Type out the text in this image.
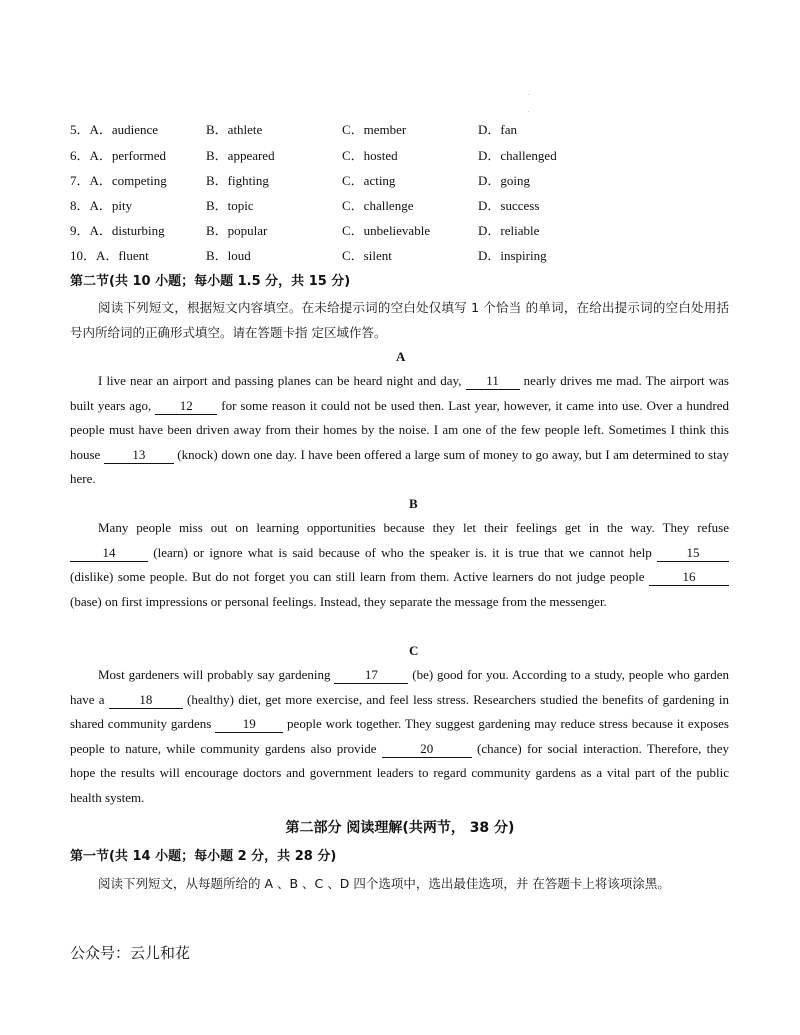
.
.
5．A．audience	B．athlete	C．member	D．fan
6．A．performed	B．appeared	C．hosted	D．challenged
7．A．competing	B．fighting	C．acting	D．going
8．A．pity	B．topic	C．challenge	D．success
9．A．disturbing	B．popular	C．unbelievable	D．reliable
10．A．fluent	B．loud	C．silent	D．inspiring
第二节(共 10 小题；每小题 1.5 分，共 15 分)
阅读下列短文，根据短文内容填空。在未给提示词的空白处仅填写 1 个恰当 的单词，在给出提示词的空白处用括号内所给词的正确形式填空。请在答题卡指 定区域作答。
A
I live near an airport and passing planes can be heard night and day, 11 nearly drives me mad. The airport was built years ago, 12 for some reason it could not be used then. Last year, however, it came into use. Over a hundred people must have been driven away from their homes by the noise. I am one of the few people left. Sometimes I think this house 13 (knock) down one day. I have been offered a large sum of money to go away, but I am determined to stay here.
B
Many people miss out on learning opportunities because they let their feelings get in the way. They refuse 14	(learn) or ignore what is said because of who the speaker is. it is true that we cannot help 15 (dislike) some people. But do not forget you can still learn from them. Active learners do not judge people	16 (base) on first impressions or personal feelings. Instead, they separate the message from the messenger.
C
Most gardeners will probably say gardening 17 (be) good for you. According to a study, people who garden have a 18 (healthy) diet, get more exercise, and feel less stress. Researchers studied the benefits of gardening in shared community gardens 19 people work together. They suggest gardening may reduce stress because it exposes people to nature, while community gardens also provide	20	(chance) for social interaction. Therefore, they hope the results will encourage doctors and government leaders to regard community gardens as a vital part of the public health system.
第二部分 阅读理解(共两节， 38 分)
第一节(共 14 小题；每小题 2 分，共 28 分)
阅读下列短文，从每题所给的 A 、B 、C 、D 四个选项中，选出最佳选项，并 在答题卡上将该项涂黑。
公众号：云儿和花
